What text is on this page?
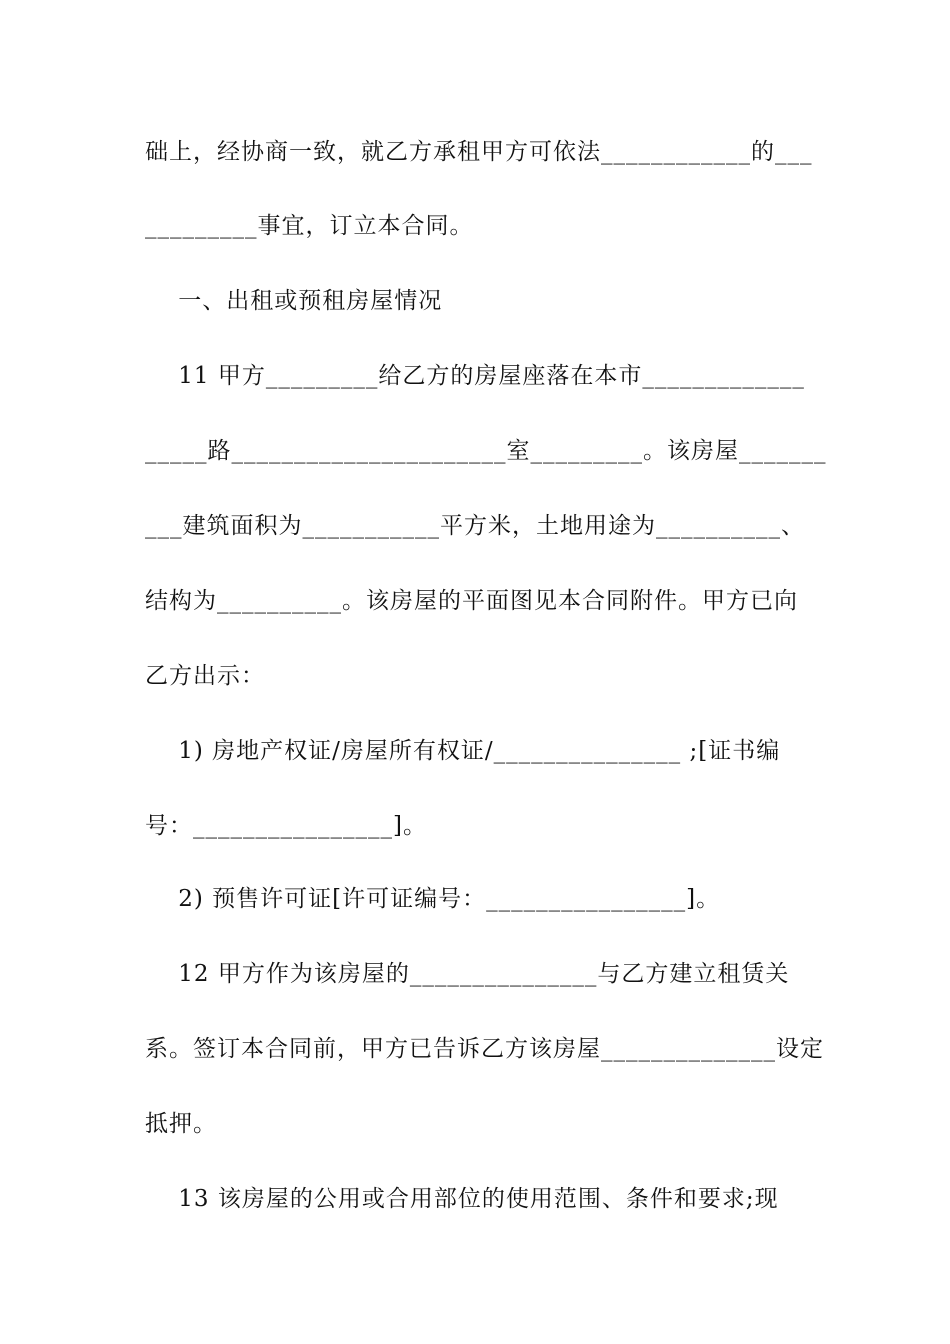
础上，经协商一致，就乙方承租甲方可依法____________的___
_________事宜，订立本合同。
一、出租或预租房屋情况
11 甲方_________给乙方的房屋座落在本市_____________
_____路______________________室_________。该房屋_______
___建筑面积为___________平方米，土地用途为__________、
结构为__________。该房屋的平面图见本合同附件。甲方已向
乙方出示：
1) 房地产权证/房屋所有权证/_______________ ;[证书编
号：________________]。
2) 预售许可证[许可证编号：________________]。
12 甲方作为该房屋的_______________与乙方建立租赁关
系。签订本合同前，甲方已告诉乙方该房屋______________设定
抵押。
13 该房屋的公用或合用部位的使用范围、条件和要求;现
